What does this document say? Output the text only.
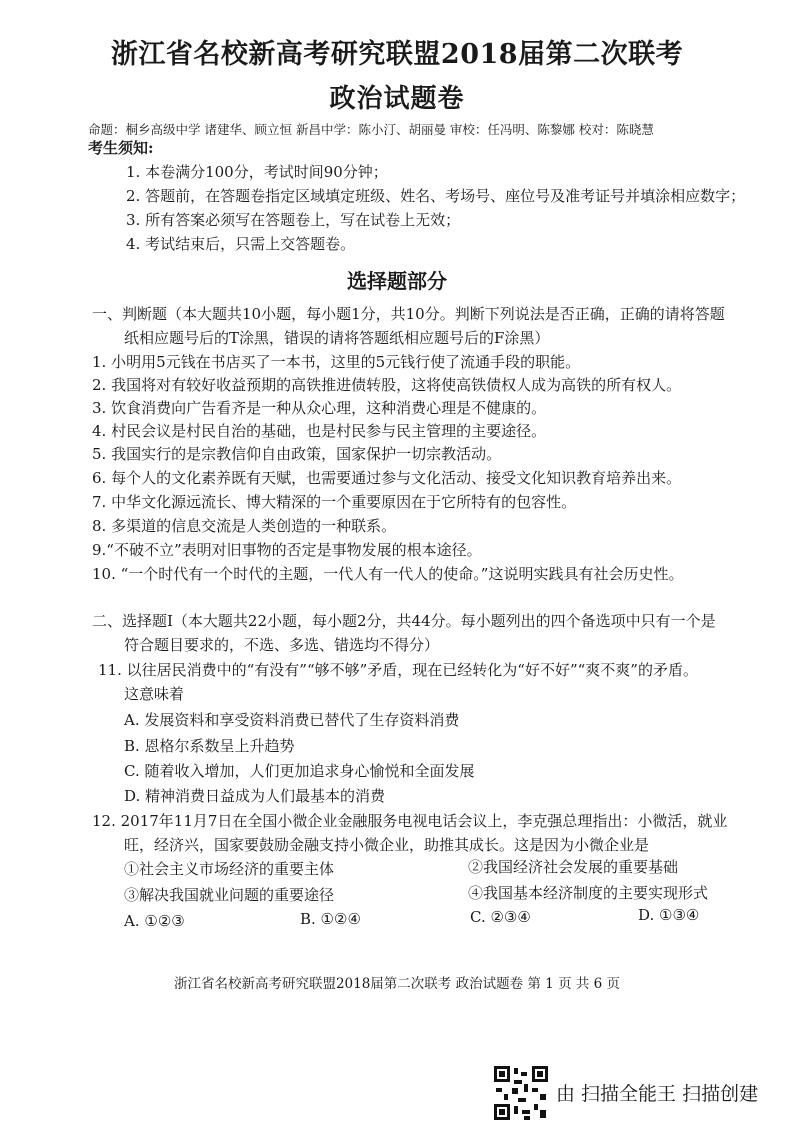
浙江省名校新高考研究联盟2018届第二次联考
政治试题卷
命题：桐乡高级中学 诸建华、顾立恒 新昌中学：陈小汀、胡丽曼 审校：任冯明、陈黎娜 校对：陈晓慧
考生须知:
1. 本卷满分100分，考试时间90分钟；
2. 答题前，在答题卷指定区域填定班级、姓名、考场号、座位号及准考证号并填涂相应数字；
3. 所有答案必须写在答题卷上，写在试卷上无效；
4. 考试结束后，只需上交答题卷。
选择题部分
一、判断题（本大题共10小题，每小题1分，共10分。判断下列说法是否正确，正确的请将答题
纸相应题号后的T涂黑，错误的请将答题纸相应题号后的F涂黑）
1. 小明用5元钱在书店买了一本书，这里的5元钱行使了流通手段的职能。
2. 我国将对有较好收益预期的高铁推进债转股，这将使高铁债权人成为高铁的所有权人。
3. 饮食消费向广告看齐是一种从众心理，这种消费心理是不健康的。
4. 村民会议是村民自治的基础，也是村民参与民主管理的主要途径。
5. 我国实行的是宗教信仰自由政策，国家保护一切宗教活动。
6. 每个人的文化素养既有天赋，也需要通过参与文化活动、接受文化知识教育培养出来。
7. 中华文化源远流长、博大精深的一个重要原因在于它所特有的包容性。
8. 多渠道的信息交流是人类创造的一种联系。
9.“不破不立”表明对旧事物的否定是事物发展的根本途径。
10. “一个时代有一个时代的主题，一代人有一代人的使命。”这说明实践具有社会历史性。
二、选择题Ⅰ（本大题共22小题，每小题2分，共44分。每小题列出的四个备选项中只有一个是
符合题目要求的，不选、多选、错选均不得分）
11. 以往居民消费中的“有没有”“够不够”矛盾，现在已经转化为“好不好”“爽不爽”的矛盾。
这意味着
A. 发展资料和享受资料消费已替代了生存资料消费
B. 恩格尔系数呈上升趋势
C. 随着收入增加，人们更加追求身心愉悦和全面发展
D. 精神消费日益成为人们最基本的消费
12. 2017年11月7日在全国小微企业金融服务电视电话会议上，李克强总理指出：小微活，就业
旺，经济兴，国家要鼓励金融支持小微企业，助推其成长。这是因为小微企业是
①社会主义市场经济的重要主体	②我国经济社会发展的重要基础
③解决我国就业问题的重要途径	④我国基本经济制度的主要实现形式
A. ①②③	B. ①②④	C. ②③④	D. ①③④
浙江省名校新高考研究联盟2018届第二次联考 政治试题卷 第 1 页 共 6 页
由 扫描全能王 扫描创建
